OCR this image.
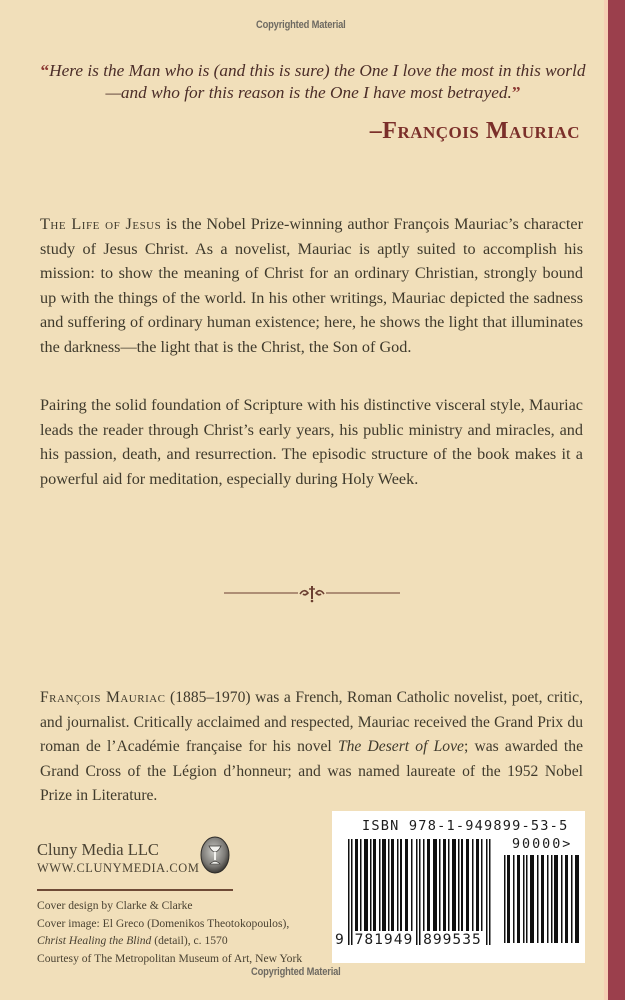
Copyrighted Material
“Here is the Man who is (and this is sure) the One I love the most in this world—and who for this reason is the One I have most betrayed.”
–François Mauriac
The Life of Jesus is the Nobel Prize-winning author François Mauriac’s character study of Jesus Christ. As a novelist, Mauriac is aptly suited to accomplish his mission: to show the meaning of Christ for an ordinary Christian, strongly bound up with the things of the world. In his other writings, Mauriac depicted the sadness and suffering of ordinary human existence; here, he shows the light that illuminates the darkness—the light that is the Christ, the Son of God.
Pairing the solid foundation of Scripture with his distinctive visceral style, Mauriac leads the reader through Christ’s early years, his public ministry and miracles, and his passion, death, and resurrection. The episodic structure of the book makes it a powerful aid for meditation, especially during Holy Week.
François Mauriac (1885–1970) was a French, Roman Catholic novelist, poet, critic, and journalist. Critically acclaimed and respected, Mauriac received the Grand Prix du roman de l’Académie française for his novel The Desert of Love; was awarded the Grand Cross of the Légion d’honneur; and was named laureate of the 1952 Nobel Prize in Literature.
Cluny Media LLC
WWW.CLUNYMEDIA.COM
Cover design by Clarke & Clarke
Cover image: El Greco (Domenikos Theotokopoulos),
Christ Healing the Blind (detail), c. 1570
Courtesy of The Metropolitan Museum of Art, New York
ISBN 978-1-949899-53-5
90000>
9 781949 899535
Copyrighted Material
